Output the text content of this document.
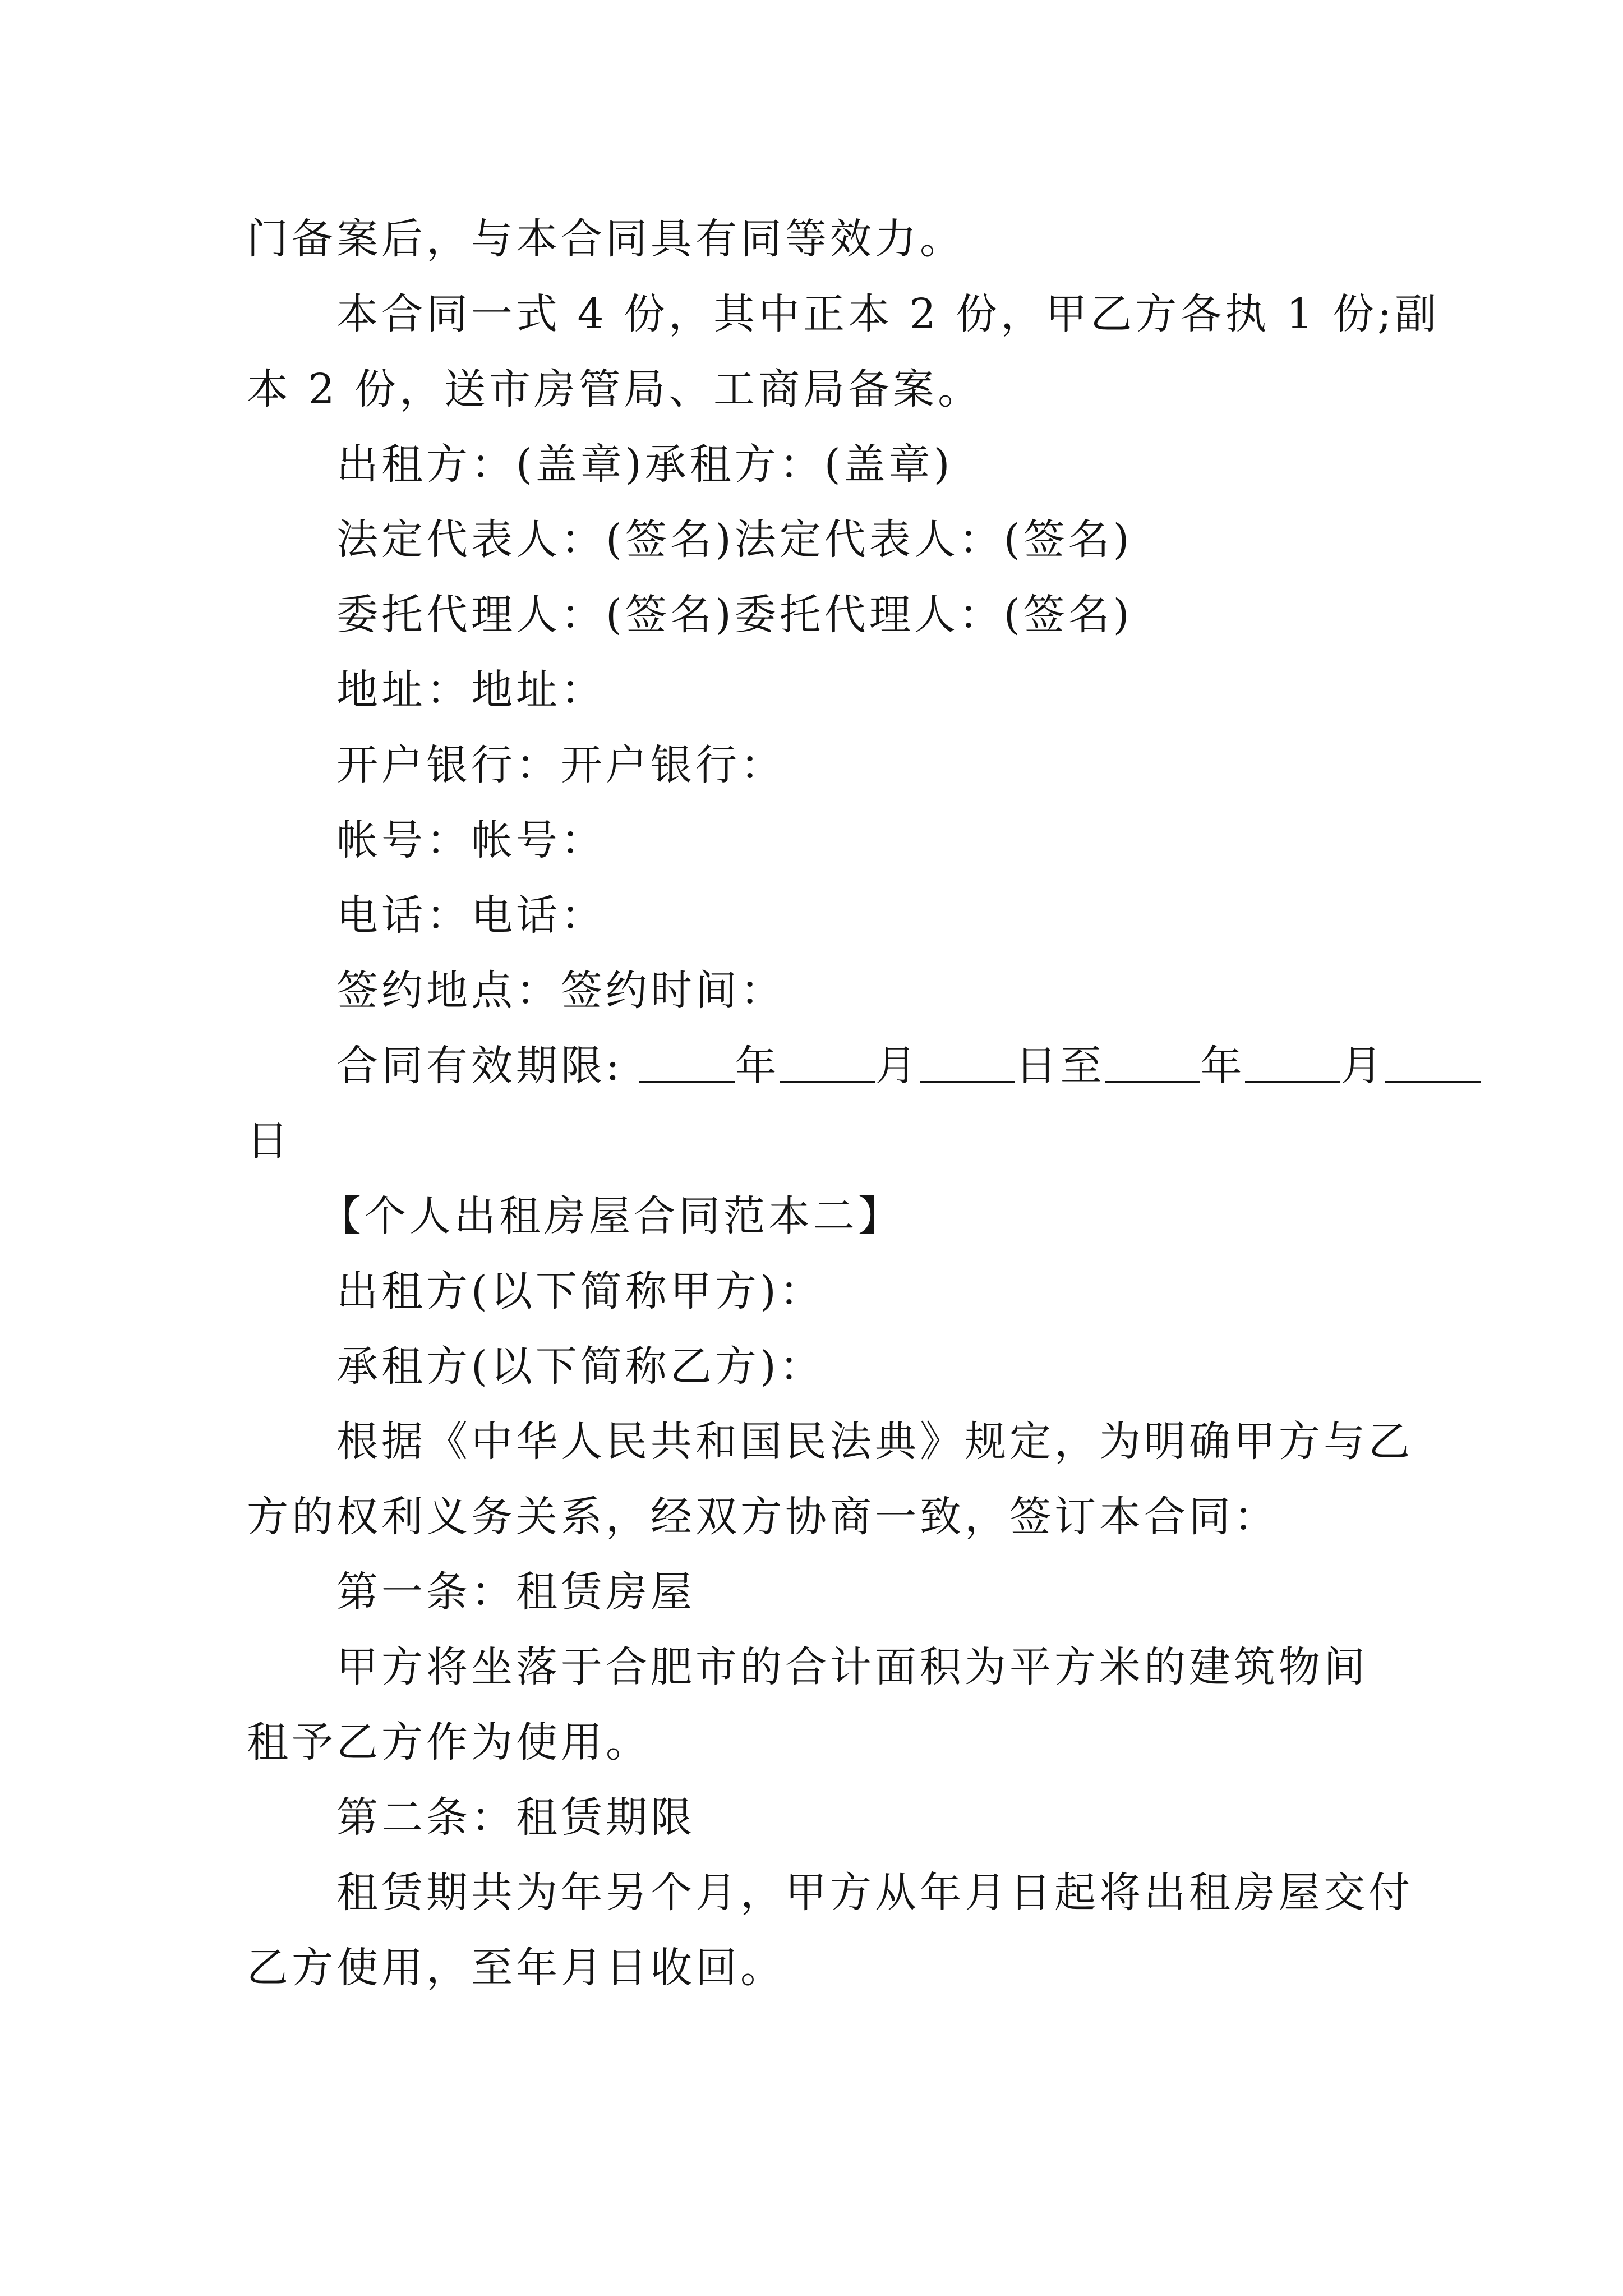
门备案后，与本合同具有同等效力。
本合同一式 4 份，其中正本 2 份，甲乙方各执 1 份;副
本 2 份，送市房管局、工商局备案。
出租方：(盖章)承租方：(盖章)
法定代表人：(签名)法定代表人：(签名)
委托代理人：(签名)委托代理人：(签名)
地址：地址：
开户银行：开户银行：
帐号：帐号：
电话：电话：
签约地点：签约时间：
合同有效期限:	年 月 日至 年 月
日
【个人出租房屋合同范本二】
出租方(以下简称甲方)：
承租方(以下简称乙方)：
根据《中华人民共和国民法典》规定，为明确甲方与乙
方的权利义务关系，经双方协商一致，签订本合同：
第一条：租赁房屋
甲方将坐落于合肥市的合计面积为平方米的建筑物间
租予乙方作为使用。
第二条：租赁期限
租赁期共为年另个月，甲方从年月日起将出租房屋交付
乙方使用，至年月日收回。
